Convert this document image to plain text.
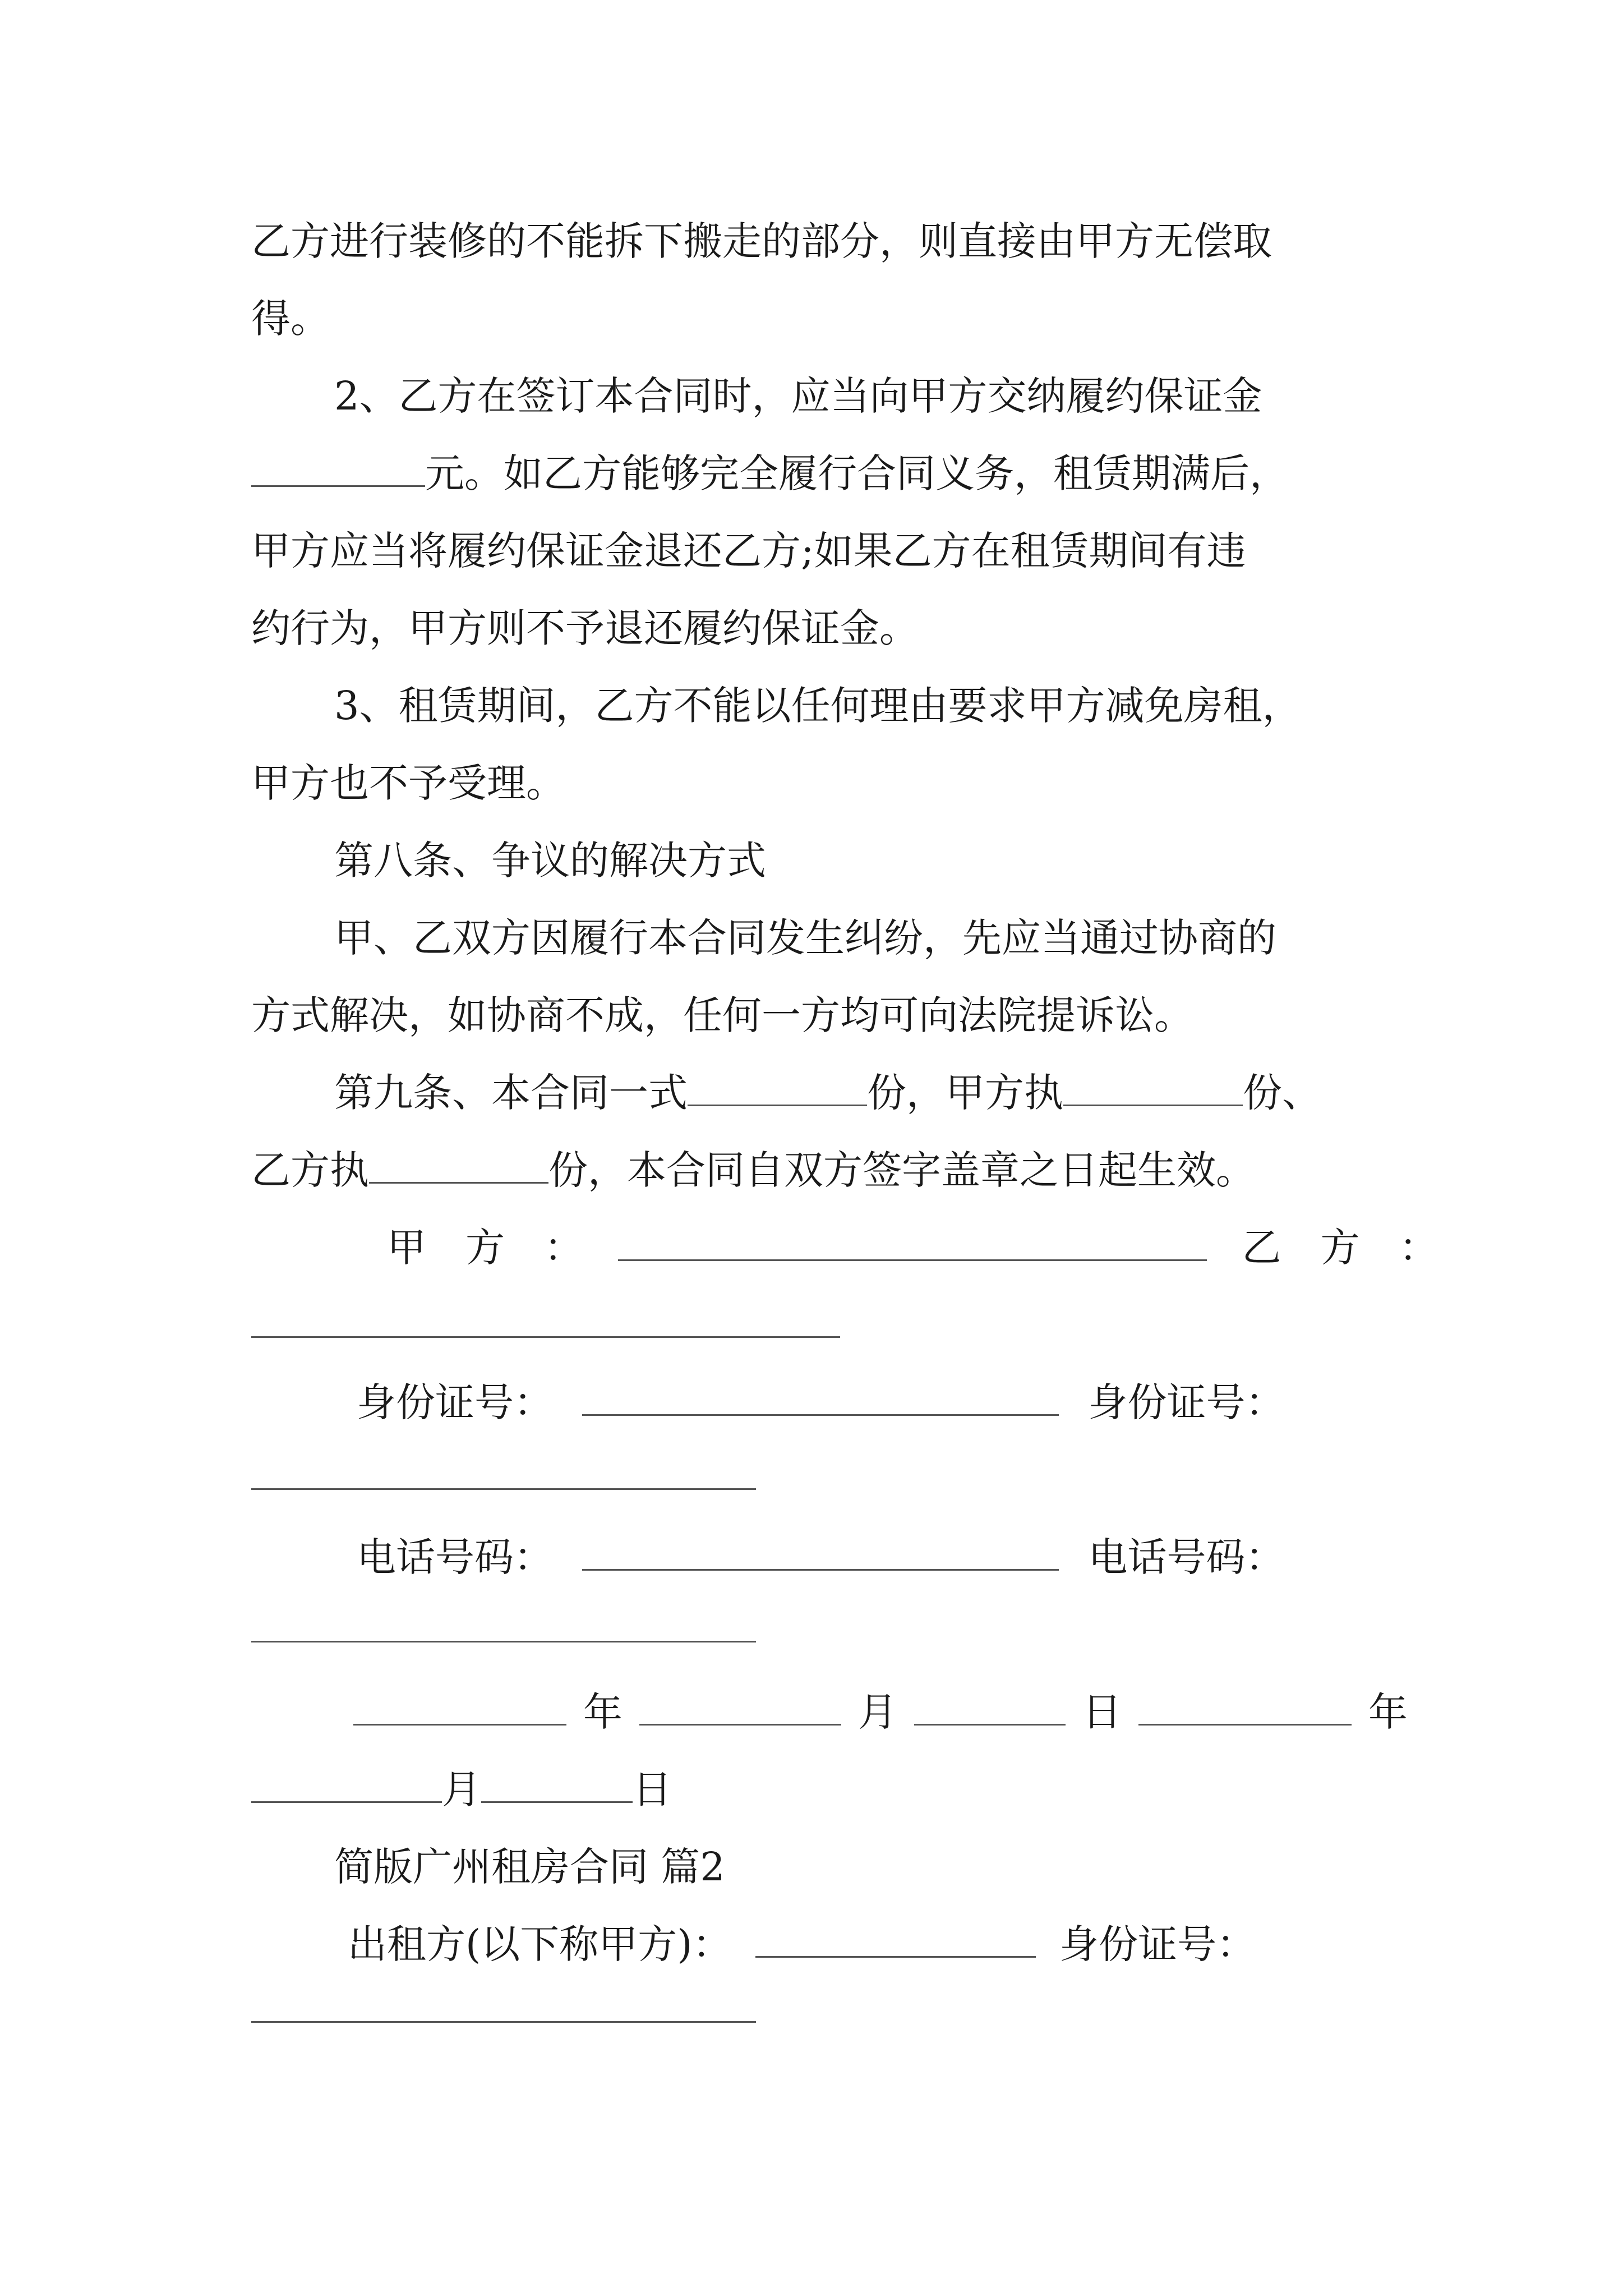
乙方进行装修的不能拆下搬走的部分，则直接由甲方无偿取
得。
2、乙方在签订本合同时，应当向甲方交纳履约保证金
元。如乙方能够完全履行合同义务，租赁期满后，
甲方应当将履约保证金退还乙方;如果乙方在租赁期间有违
约行为，甲方则不予退还履约保证金。
3、租赁期间，乙方不能以任何理由要求甲方减免房租，
甲方也不予受理。
第八条、争议的解决方式
甲、乙双方因履行本合同发生纠纷，先应当通过协商的
方式解决，如协商不成，任何一方均可向法院提诉讼。
第九条、本合同一式	份，甲方执	份、
乙方执	份，本合同自双方签字盖章之日起生效。
甲　方　：	乙　方　：
身份证号：	身份证号：
电话号码：	电话号码：
年	月	日	年
月	日
简版广州租房合同 篇2
出租方(以下称甲方)：	身份证号：
